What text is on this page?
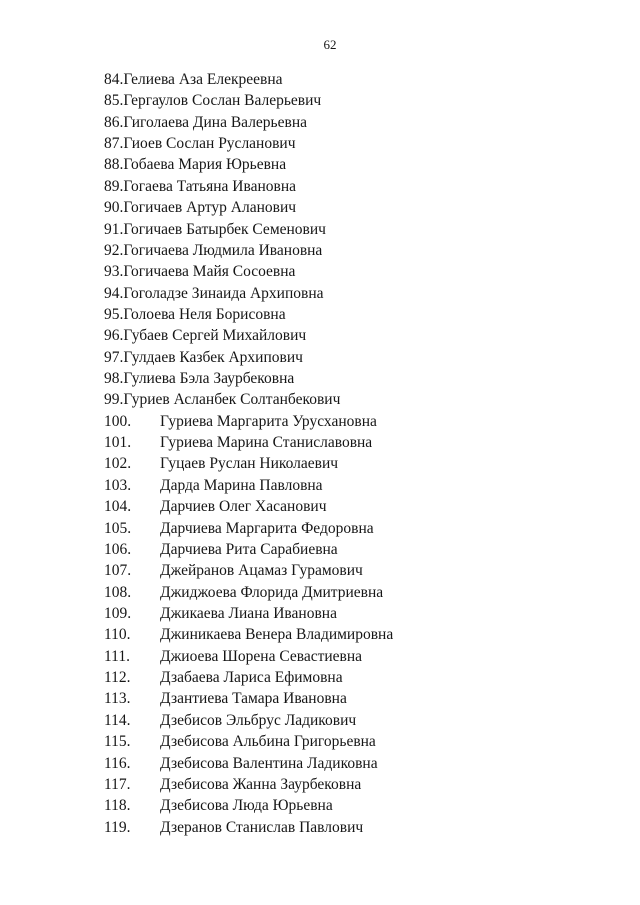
62
84.Гелиева Аза Елекреевна
85.Гергаулов Сослан Валерьевич
86.Гиголаева Дина Валерьевна
87.Гиоев Сослан Русланович
88.Гобаева Мария Юрьевна
89.Гогаева Татьяна Ивановна
90.Гогичаев Артур Аланович
91.Гогичаев Батырбек Семенович
92.Гогичаева Людмила Ивановна
93.Гогичаева Майя Сосоевна
94.Гоголадзе Зинаида Архиповна
95.Голоева Неля Борисовна
96.Губаев Сергей Михайлович
97.Гулдаев Казбек Архипович
98.Гулиева Бэла Заурбековна
99.Гуриев Асланбек Солтанбекович
100. Гуриева Маргарита Урусхановна
101. Гуриева Марина Станиславовна
102. Гуцаев Руслан Николаевич
103. Дарда Марина Павловна
104. Дарчиев Олег Хасанович
105. Дарчиева Маргарита Федоровна
106. Дарчиева Рита Сарабиевна
107. Джейранов Ацамаз Гурамович
108. Джиджоева Флорида Дмитриевна
109. Джикаева Лиана Ивановна
110. Джиникаева Венера Владимировна
111. Джиоева Шорена Севастиевна
112. Дзабаева Лариса Ефимовна
113. Дзантиева Тамара Ивановна
114. Дзебисов Эльбрус Ладикович
115. Дзебисова Альбина Григорьевна
116. Дзебисова Валентина Ладиковна
117. Дзебисова Жанна Заурбековна
118. Дзебисова Люда Юрьевна
119. Дзеранов Станислав Павлович
